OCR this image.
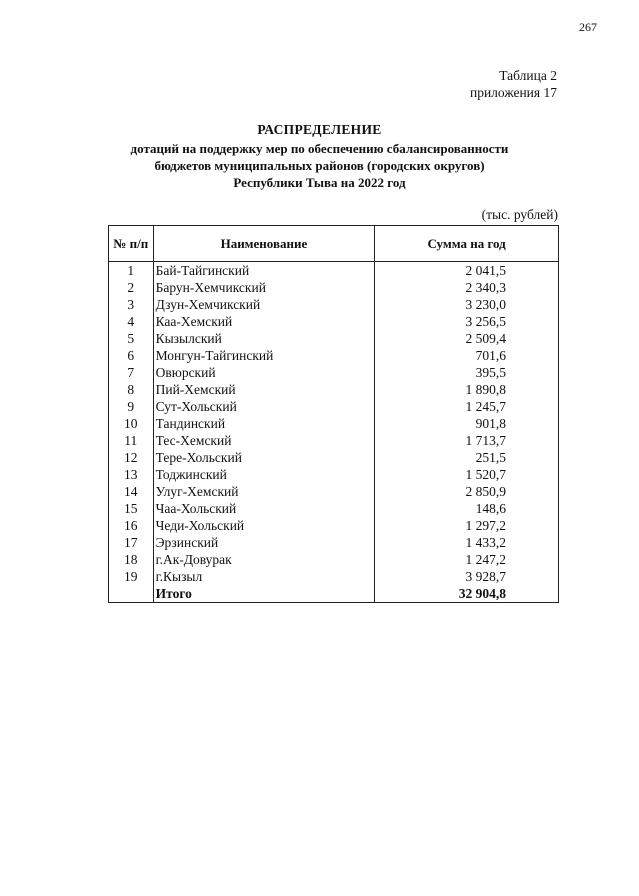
267
Таблица 2
приложения 17
РАСПРЕДЕЛЕНИЕ
дотаций на поддержку мер по обеспечению сбалансированности
бюджетов муниципальных районов (городских округов)
Республики Тыва на 2022 год
(тыс. рублей)
№ п/п	Наименование	Сумма на год
1	Бай-Тайгинский	2 041,5
2	Барун-Хемчикский	2 340,3
3	Дзун-Хемчикский	3 230,0
4	Каа-Хемский	3 256,5
5	Кызылский	2 509,4
6	Монгун-Тайгинский	701,6
7	Овюрский	395,5
8	Пий-Хемский	1 890,8
9	Сут-Хольский	1 245,7
10	Тандинский	901,8
11	Тес-Хемский	1 713,7
12	Тере-Хольский	251,5
13	Тоджинский	1 520,7
14	Улуг-Хемский	2 850,9
15	Чаа-Хольский	148,6
16	Чеди-Хольский	1 297,2
17	Эрзинский	1 433,2
18	г.Ак-Довурак	1 247,2
19	г.Кызыл	3 928,7
	Итого	32 904,8
